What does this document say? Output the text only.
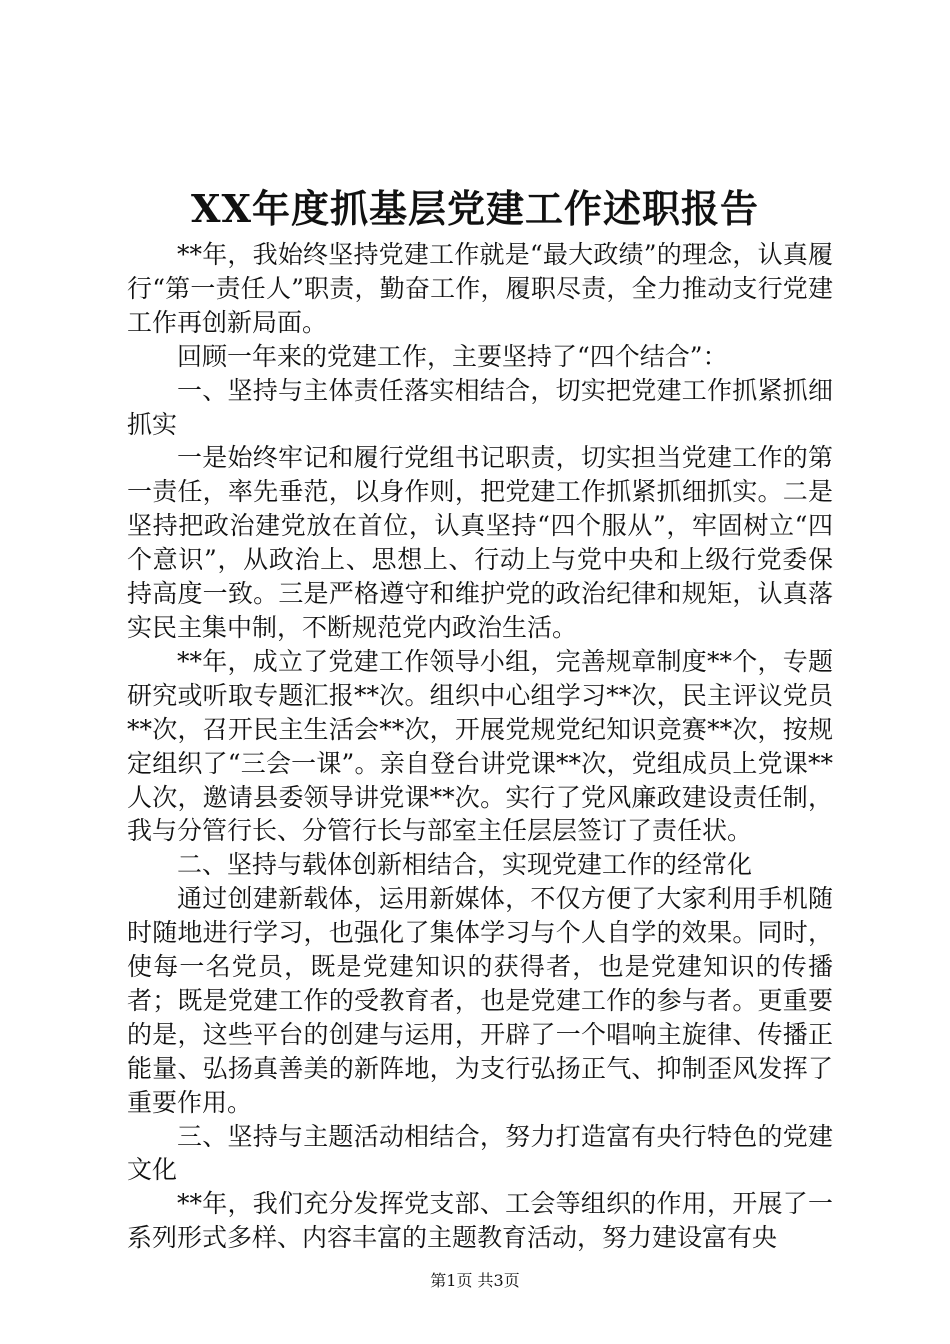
XX年度抓基层党建工作述职报告

**年，我始终坚持党建工作就是“最大政绩”的理念，认真履行“第一责任人”职责，勤奋工作，履职尽责，全力推动支行党建工作再创新局面。

回顾一年来的党建工作，主要坚持了“四个结合”：

一、坚持与主体责任落实相结合，切实把党建工作抓紧抓细抓实

一是始终牢记和履行党组书记职责，切实担当党建工作的第一责任，率先垂范，以身作则，把党建工作抓紧抓细抓实。二是坚持把政治建党放在首位，认真坚持“四个服从”，牢固树立“四个意识”，从政治上、思想上、行动上与党中央和上级行党委保持高度一致。三是严格遵守和维护党的政治纪律和规矩，认真落实民主集中制，不断规范党内政治生活。

**年，成立了党建工作领导小组，完善规章制度**个，专题研究或听取专题汇报**次。组织中心组学习**次，民主评议党员**次，召开民主生活会**次，开展党规党纪知识竞赛**次，按规定组织了“三会一课”。亲自登台讲党课**次，党组成员上党课**人次，邀请县委领导讲党课**次。实行了党风廉政建设责任制，我与分管行长、分管行长与部室主任层层签订了责任状。

二、坚持与载体创新相结合，实现党建工作的经常化

通过创建新载体，运用新媒体，不仅方便了大家利用手机随时随地进行学习，也强化了集体学习与个人自学的效果。同时，使每一名党员，既是党建知识的获得者，也是党建知识的传播者；既是党建工作的受教育者，也是党建工作的参与者。更重要的是，这些平台的创建与运用，开辟了一个唱响主旋律、传播正能量、弘扬真善美的新阵地，为支行弘扬正气、抑制歪风发挥了重要作用。

三、坚持与主题活动相结合，努力打造富有央行特色的党建文化

**年，我们充分发挥党支部、工会等组织的作用，开展了一系列形式多样、内容丰富的主题教育活动，努力建设富有央

第1页 共3页
